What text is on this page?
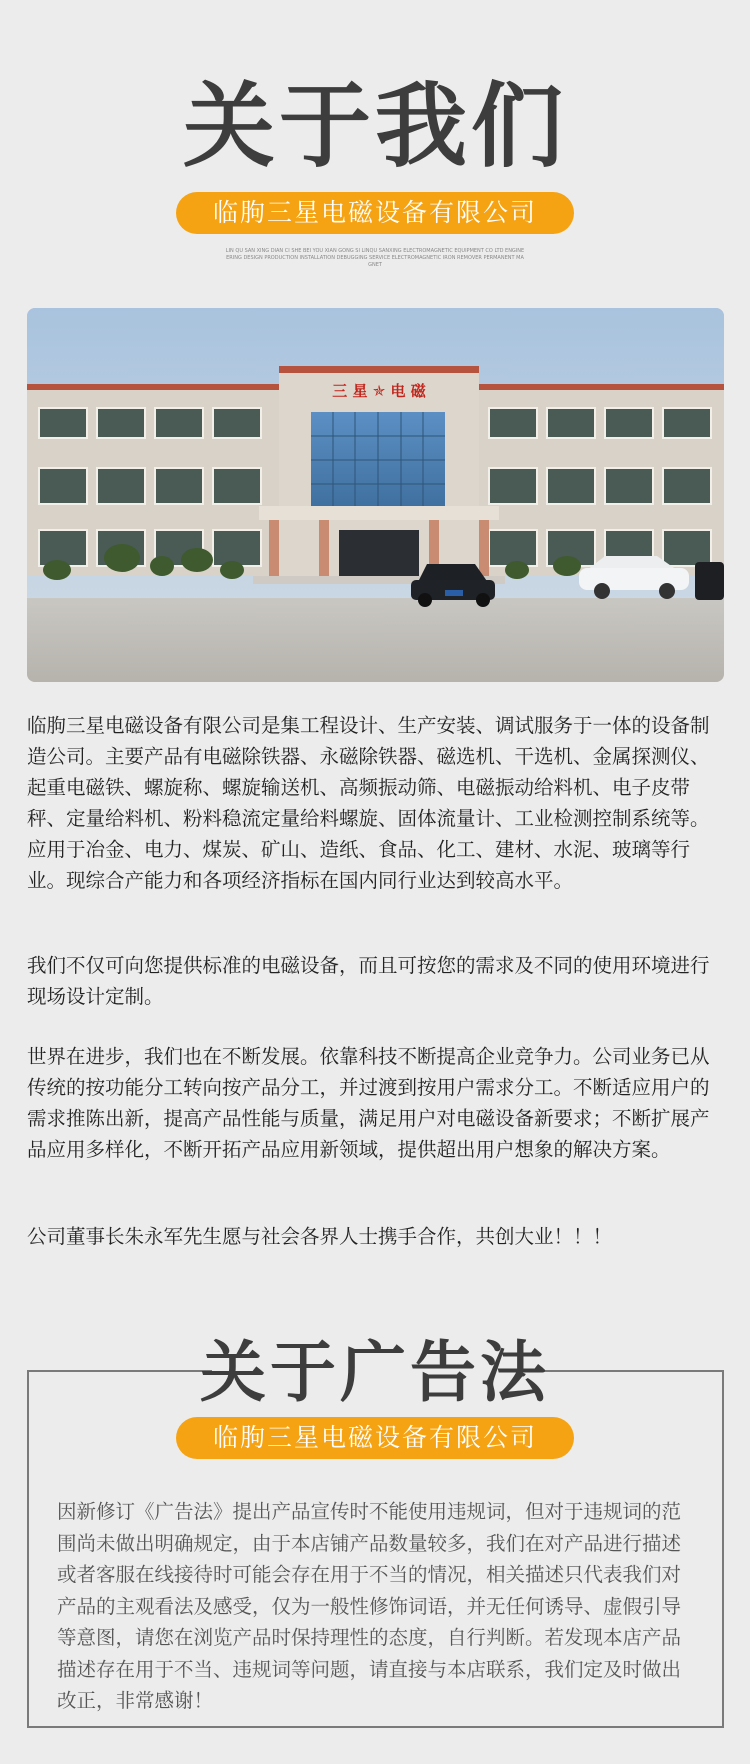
关于我们
临朐三星电磁设备有限公司
LIN QU SAN XING DIAN CI SHE BEI YOU XIAN GONG SI LINQU SANXING ELECTROMAGNETIC EQUIPMENT CO LTD ENGINEERING DESIGN PRODUCTION INSTALLATION DEBUGGING SERVICE ELECTROMAGNETIC IRON REMOVER PERMANENT MAGNET
三 星 ✯ 电 磁
临朐三星电磁设备有限公司是集工程设计、生产安装、调试服务于一体的设备制造公司。主要产品有电磁除铁器、永磁除铁器、磁选机、干选机、金属探测仪、起重电磁铁、螺旋称、螺旋输送机、高频振动筛、电磁振动给料机、电子皮带秤、定量给料机、粉料稳流定量给料螺旋、固体流量计、工业检测控制系统等。应用于冶金、电力、煤炭、矿山、造纸、食品、化工、建材、水泥、玻璃等行业。现综合产能力和各项经济指标在国内同行业达到较高水平。
我们不仅可向您提供标准的电磁设备，而且可按您的需求及不同的使用环境进行现场设计定制。
世界在进步，我们也在不断发展。依靠科技不断提高企业竞争力。公司业务已从传统的按功能分工转向按产品分工，并过渡到按用户需求分工。不断适应用户的需求推陈出新，提高产品性能与质量，满足用户对电磁设备新要求；不断扩展产品应用多样化，不断开拓产品应用新领域，提供超出用户想象的解决方案。
公司董事长朱永军先生愿与社会各界人士携手合作，共创大业！！！
关于广告法
临朐三星电磁设备有限公司
因新修订《广告法》提出产品宣传时不能使用违规词，但对于违规词的范围尚未做出明确规定，由于本店铺产品数量较多，我们在对产品进行描述或者客服在线接待时可能会存在用于不当的情况，相关描述只代表我们对产品的主观看法及感受，仅为一般性修饰词语，并无任何诱导、虚假引导等意图，请您在浏览产品时保持理性的态度，自行判断。若发现本店产品描述存在用于不当、违规词等问题，请直接与本店联系，我们定及时做出改正，非常感谢！
